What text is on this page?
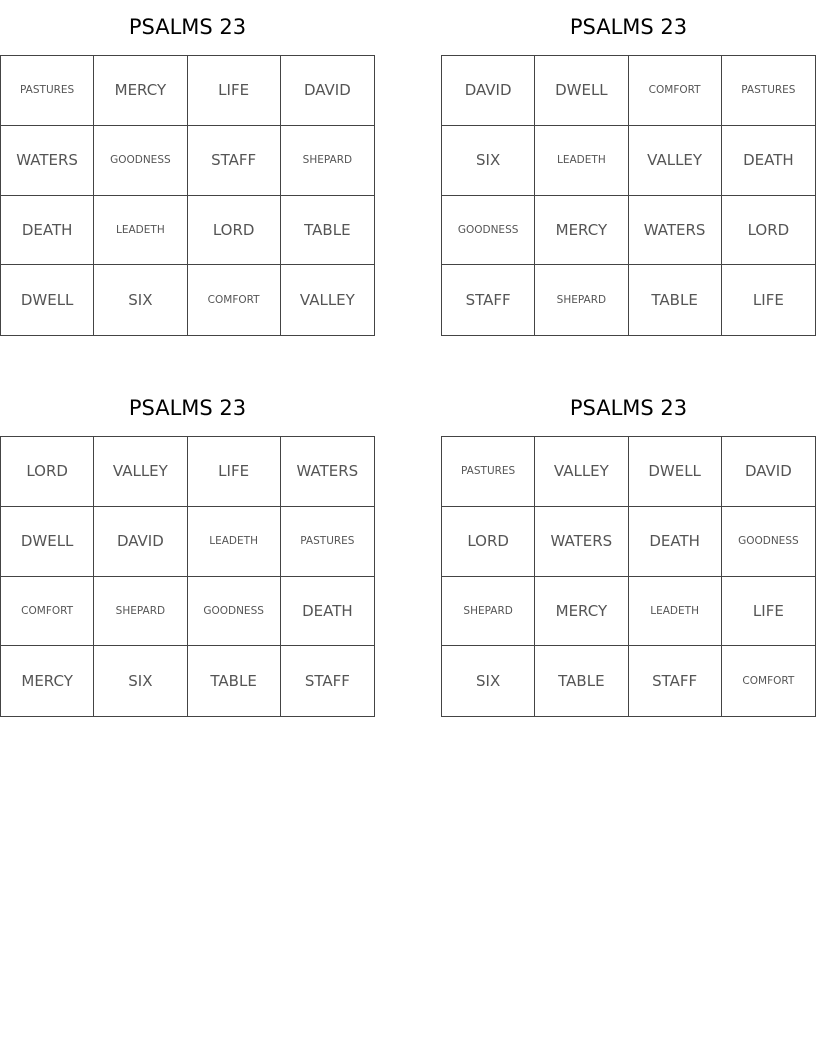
PSALMS 23
PASTURES	MERCY	LIFE	DAVID
WATERS	GOODNESS	STAFF	SHEPARD
DEATH	LEADETH	LORD	TABLE
DWELL	SIX	COMFORT	VALLEY
PSALMS 23
DAVID	DWELL	COMFORT	PASTURES
SIX	LEADETH	VALLEY	DEATH
GOODNESS	MERCY	WATERS	LORD
STAFF	SHEPARD	TABLE	LIFE
PSALMS 23
LORD	VALLEY	LIFE	WATERS
DWELL	DAVID	LEADETH	PASTURES
COMFORT	SHEPARD	GOODNESS	DEATH
MERCY	SIX	TABLE	STAFF
PSALMS 23
PASTURES	VALLEY	DWELL	DAVID
LORD	WATERS	DEATH	GOODNESS
SHEPARD	MERCY	LEADETH	LIFE
SIX	TABLE	STAFF	COMFORT
